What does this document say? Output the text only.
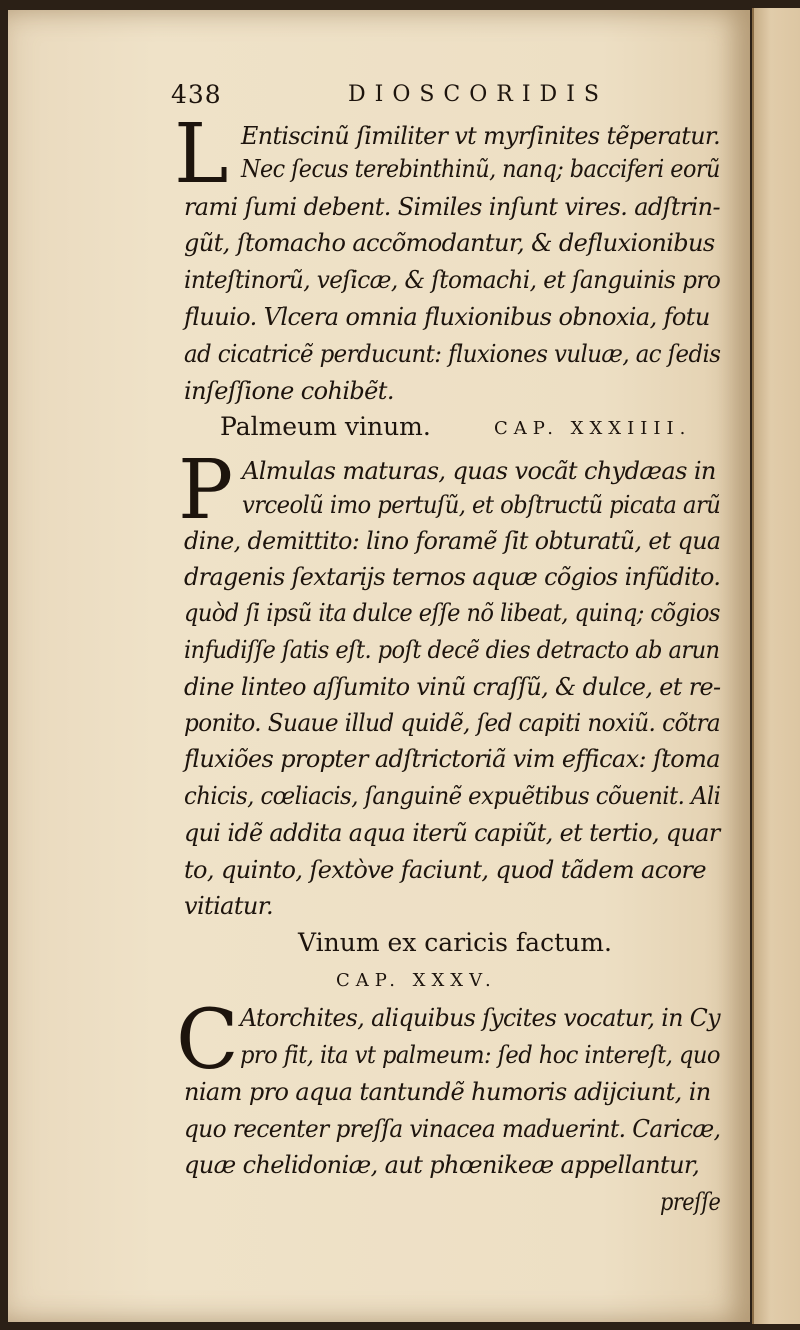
438	DIOSCORIDIS
L Entiscinũ ſimiliter vt myrſinites tẽperatur.
Nec ſecus terebinthinũ, nanq; bacciferi eorũ
rami ſumi debent. Similes inſunt vires. adſtrin-
gũt, ſtomacho accõmodantur, & defluxionibus
inteſtinorũ, veſicæ, & ſtomachi, et ſanguinis pro
fluuio. Vlcera omnia fluxionibus obnoxia, fotu
ad cicatricẽ perducunt: fluxiones vuluæ, ac ſedis
inſeſſione cohibẽt.
Palmeum vinum.	CAP. XXXIIII.
P Almulas maturas, quas vocãt chydæas in
vrceolũ imo pertuſũ, et obſtructũ picata arũ
dine, demittito: lino foramẽ ſit obturatũ, et qua
dragenis ſextarijs ternos aquæ cõgios infũdito.
quòd ſi ipsũ ita dulce eſſe nõ libeat, quinq; cõgios
infudiſſe ſatis eſt. poſt decẽ dies detracto ab arun
dine linteo aſſumito vinũ craſſũ, & dulce, et re-
ponito. Suaue illud quidẽ, ſed capiti noxiũ. cõtra
fluxiões propter adſtrictoriã vim efficax: ſtoma
chicis, cœliacis, ſanguinẽ expuẽtibus cõuenit. Ali
qui idẽ addita aqua iterũ capiũt, et tertio, quar
to, quinto, ſextòve faciunt, quod tãdem acore
vitiatur.
Vinum ex caricis factum.
CAP. XXXV.
C Atorchites, aliquibus ſycites vocatur, in Cy
pro fit, ita vt palmeum: ſed hoc intereſt, quo
niam pro aqua tantundẽ humoris adijciunt, in
quo recenter preſſa vinacea maduerint. Caricæ,
quæ chelidoniæ, aut phœnikeæ appellantur,
preſſe
